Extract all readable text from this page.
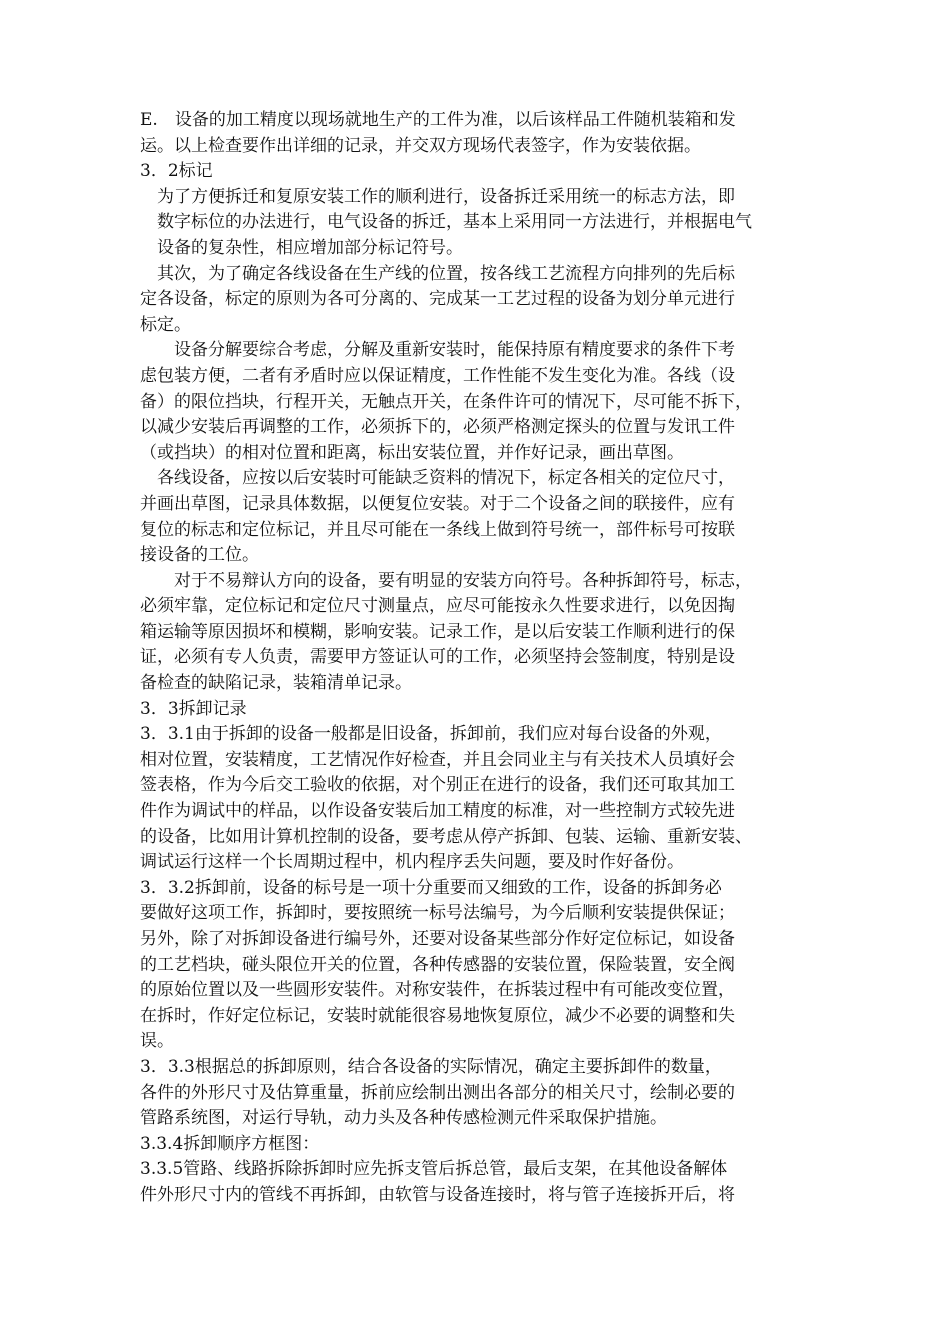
E.　设备的加工精度以现场就地生产的工件为准，以后该样品工件随机装箱和发
运。以上检查要作出详细的记录，并交双方现场代表签字，作为安装依据。
3．2标记
　为了方便拆迁和复原安装工作的顺利进行，设备拆迁采用统一的标志方法，即
　数字标位的办法进行，电气设备的拆迁，基本上采用同一方法进行，并根据电气
　设备的复杂性，相应增加部分标记符号。
　其次，为了确定各线设备在生产线的位置，按各线工艺流程方向排列的先后标
定各设备，标定的原则为各可分离的、完成某一工艺过程的设备为划分单元进行
标定。
　　设备分解要综合考虑，分解及重新安装时，能保持原有精度要求的条件下考
虑包装方便，二者有矛盾时应以保证精度，工作性能不发生变化为准。各线（设
备）的限位挡块，行程开关，无触点开关，在条件许可的情况下，尽可能不拆下，
以减少安装后再调整的工作，必须拆下的，必须严格测定探头的位置与发讯工件
（或挡块）的相对位置和距离，标出安装位置，并作好记录，画出草图。
　各线设备，应按以后安装时可能缺乏资料的情况下，标定各相关的定位尺寸，
并画出草图，记录具体数据，以便复位安装。对于二个设备之间的联接件，应有
复位的标志和定位标记，并且尽可能在一条线上做到符号统一，部件标号可按联
接设备的工位。
　　对于不易辩认方向的设备，要有明显的安装方向符号。各种拆卸符号，标志，
必须牢靠，定位标记和定位尺寸测量点，应尽可能按永久性要求进行，以免因掏
箱运输等原因损坏和模糊，影响安装。记录工作，是以后安装工作顺利进行的保
证，必须有专人负责，需要甲方签证认可的工作，必须坚持会签制度，特别是设
备检查的缺陷记录，装箱清单记录。
3．3拆卸记录
3．3.1由于拆卸的设备一般都是旧设备，拆卸前，我们应对每台设备的外观，
相对位置，安装精度，工艺情况作好检查，并且会同业主与有关技术人员填好会
签表格，作为今后交工验收的依据，对个别正在进行的设备，我们还可取其加工
件作为调试中的样品，以作设备安装后加工精度的标准，对一些控制方式较先进
的设备，比如用计算机控制的设备，要考虑从停产拆卸、包装、运输、重新安装、
调试运行这样一个长周期过程中，机内程序丢失问题，要及时作好备份。
3．3.2拆卸前，设备的标号是一项十分重要而又细致的工作，设备的拆卸务必
要做好这项工作，拆卸时，要按照统一标号法编号，为今后顺利安装提供保证；
另外，除了对拆卸设备进行编号外，还要对设备某些部分作好定位标记，如设备
的工艺档块，碰头限位开关的位置，各种传感器的安装位置，保险装置，安全阀
的原始位置以及一些圆形安装件。对称安装件，在拆装过程中有可能改变位置，
在拆时，作好定位标记，安装时就能很容易地恢复原位，减少不必要的调整和失
误。
3．3.3根据总的拆卸原则，结合各设备的实际情况，确定主要拆卸件的数量，
各件的外形尺寸及估算重量，拆前应绘制出测出各部分的相关尺寸，绘制必要的
管路系统图，对运行导轨，动力头及各种传感检测元件采取保护措施。
3.3.4拆卸顺序方框图：
3.3.5管路、线路拆除拆卸时应先拆支管后拆总管，最后支架，在其他设备解体
件外形尺寸内的管线不再拆卸，由软管与设备连接时，将与管子连接拆开后，将
